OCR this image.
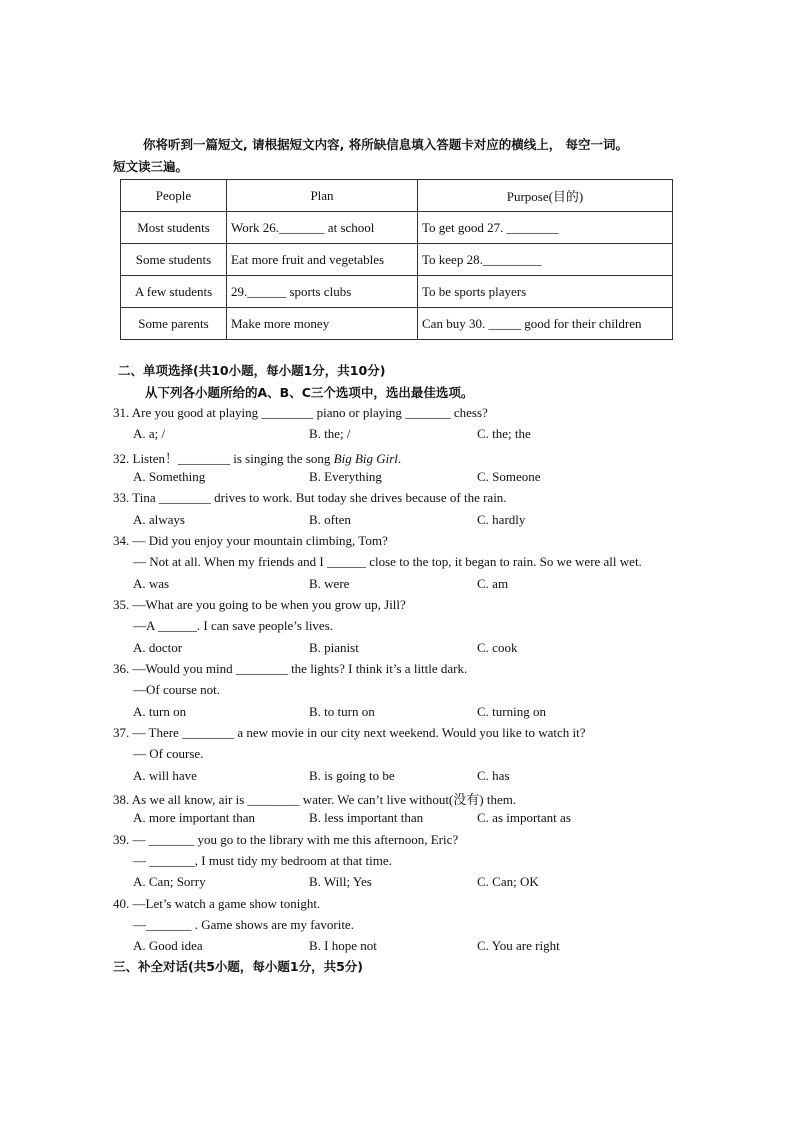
你将听到一篇短文, 请根据短文内容, 将所缺信息填入答题卡对应的横线上， 每空一词。
短文读三遍。
People	Plan	Purpose(目的)
Most students	Work 26._______ at school	To get good 27. ________
Some students	Eat more fruit and vegetables	To keep 28._________
A few students	29.______ sports clubs	To be sports players
Some parents	Make more money	Can buy 30. _____ good for their children
二、单项选择(共10小题，每小题1分，共10分)
从下列各小题所给的A、B、C三个选项中，选出最佳选项。
31. Are you good at playing ________ piano or playing _______ chess?
A. a; /	B. the; /	C. the; the
32. Listen！________ is singing the song Big Big Girl.
A. Something	B. Everything	C. Someone
33. Tina ________ drives to work. But today she drives because of the rain.
A. always	B. often	C. hardly
34. — Did you enjoy your mountain climbing, Tom?
— Not at all. When my friends and I ______ close to the top, it began to rain. So we were all wet.
A. was	B. were	C. am
35. —What are you going to be when you grow up, Jill?
—A ______. I can save people’s lives.
A. doctor	B. pianist	C. cook
36. —Would you mind ________ the lights? I think it’s a little dark.
—Of course not.
A. turn on	B. to turn on	C. turning on
37. — There ________ a new movie in our city next weekend. Would you like to watch it?
— Of course.
A. will have	B. is going to be	C. has
38. As we all know, air is ________ water. We can’t live without(没有) them.
A. more important than	B. less important than	C. as important as
39. — _______ you go to the library with me this afternoon, Eric?
— _______, I must tidy my bedroom at that time.
A. Can; Sorry	B. Will; Yes	C. Can; OK
40. —Let’s watch a game show tonight.
—_______ . Game shows are my favorite.
A. Good idea	B. I hope not	C. You are right
三、补全对话(共5小题，每小题1分，共5分)
